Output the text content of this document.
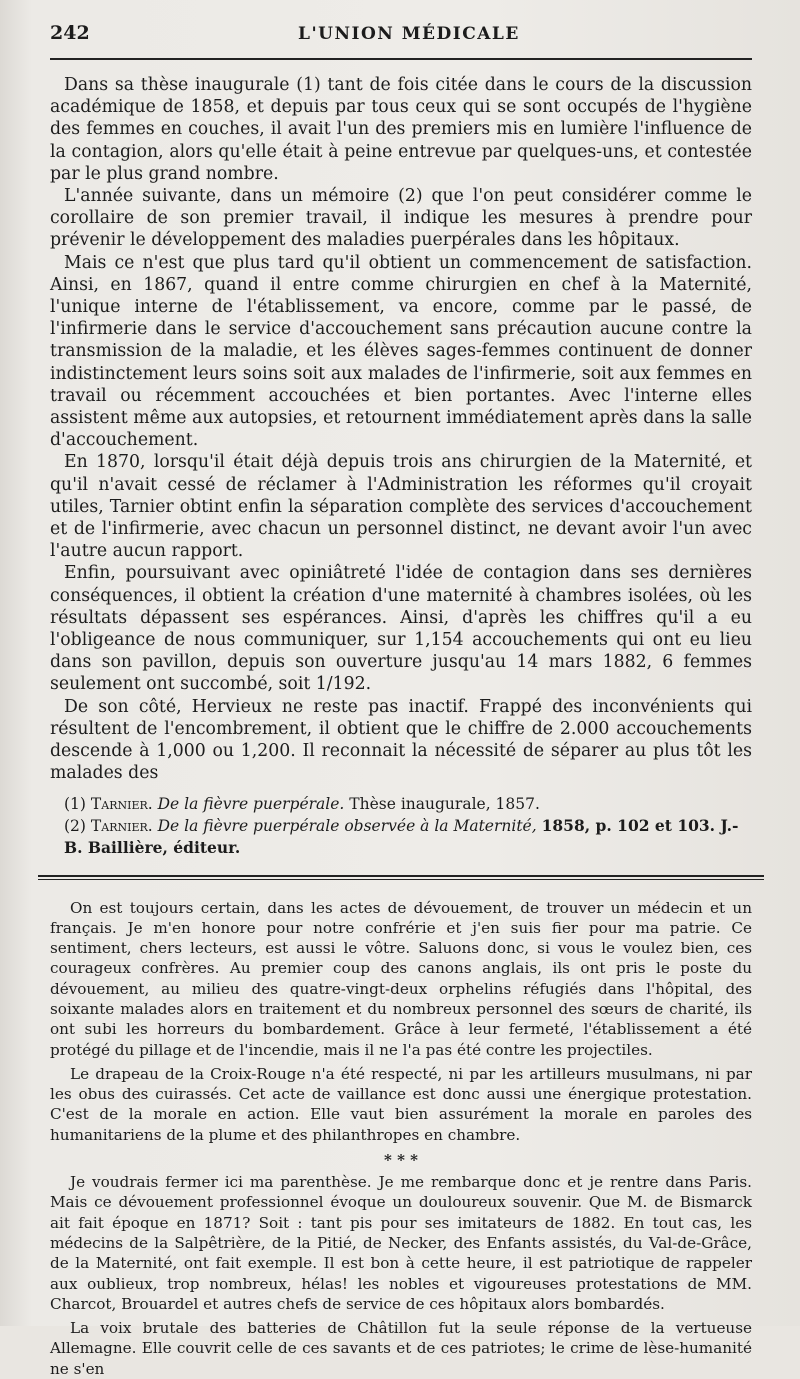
242	L'UNION MÉDICALE

Dans sa thèse inaugurale (1) tant de fois citée dans le cours de la discussion académique de 1858, et depuis par tous ceux qui se sont occupés de l'hygiène des femmes en couches, il avait l'un des premiers mis en lumière l'influence de la contagion, alors qu'elle était à peine entrevue par quelques-uns, et contestée par le plus grand nombre.

L'année suivante, dans un mémoire (2) que l'on peut considérer comme le corollaire de son premier travail, il indique les mesures à prendre pour prévenir le développement des maladies puerpérales dans les hôpitaux.

Mais ce n'est que plus tard qu'il obtient un commencement de satisfaction. Ainsi, en 1867, quand il entre comme chirurgien en chef à la Maternité, l'unique interne de l'établissement, va encore, comme par le passé, de l'infirmerie dans le service d'accouchement sans précaution aucune contre la transmission de la maladie, et les élèves sages-femmes continuent de donner indistinctement leurs soins soit aux malades de l'infirmerie, soit aux femmes en travail ou récemment accouchées et bien portantes. Avec l'interne elles assistent même aux autopsies, et retournent immédiatement après dans la salle d'accouchement.

En 1870, lorsqu'il était déjà depuis trois ans chirurgien de la Maternité, et qu'il n'avait cessé de réclamer à l'Administration les réformes qu'il croyait utiles, Tarnier obtint enfin la séparation complète des services d'accouchement et de l'infirmerie, avec chacun un personnel distinct, ne devant avoir l'un avec l'autre aucun rapport.

Enfin, poursuivant avec opiniâtreté l'idée de contagion dans ses dernières conséquences, il obtient la création d'une maternité à chambres isolées, où les résultats dépassent ses espérances. Ainsi, d'après les chiffres qu'il a eu l'obligeance de nous communiquer, sur 1,154 accouchements qui ont eu lieu dans son pavillon, depuis son ouverture jusqu'au 14 mars 1882, 6 femmes seulement ont succombé, soit 1/192.

De son côté, Hervieux ne reste pas inactif. Frappé des inconvénients qui résultent de l'encombrement, il obtient que le chiffre de 2.000 accouchements descende à 1,000 ou 1,200. Il reconnait la nécessité de séparer au plus tôt les malades des

(1) Tarnier. De la fièvre puerpérale. Thèse inaugurale, 1857.

(2) Tarnier. De la fièvre puerpérale observée à la Maternité, 1858, p. 102 et 103. J.-B. Baillière, éditeur.

On est toujours certain, dans les actes de dévouement, de trouver un médecin et un français. Je m'en honore pour notre confrérie et j'en suis fier pour ma patrie. Ce sentiment, chers lecteurs, est aussi le vôtre. Saluons donc, si vous le voulez bien, ces courageux confrères. Au premier coup des canons anglais, ils ont pris le poste du dévouement, au milieu des quatre-vingt-deux orphelins réfugiés dans l'hôpital, des soixante malades alors en traitement et du nombreux personnel des sœurs de charité, ils ont subi les horreurs du bombardement. Grâce à leur fermeté, l'établissement a été protégé du pillage et de l'incendie, mais il ne l'a pas été contre les projectiles.

Le drapeau de la Croix-Rouge n'a été respecté, ni par les artilleurs musulmans, ni par les obus des cuirassés. Cet acte de vaillance est donc aussi une énergique protestation. C'est de la morale en action. Elle vaut bien assurément la morale en paroles des humanitariens de la plume et des philanthropes en chambre.

* * *

Je voudrais fermer ici ma parenthèse. Je me rembarque donc et je rentre dans Paris. Mais ce dévouement professionnel évoque un douloureux souvenir. Que M. de Bismarck ait fait époque en 1871? Soit : tant pis pour ses imitateurs de 1882. En tout cas, les médecins de la Salpêtrière, de la Pitié, de Necker, des Enfants assistés, du Val-de-Grâce, de la Maternité, ont fait exemple. Il est bon à cette heure, il est patriotique de rappeler aux oublieux, trop nombreux, hélas! les nobles et vigoureuses protestations de MM. Charcot, Brouardel et autres chefs de service de ces hôpitaux alors bombardés.

La voix brutale des batteries de Châtillon fut la seule réponse de la vertueuse Allemagne. Elle couvrit celle de ces savants et de ces patriotes; le crime de lèse-humanité ne s'en
